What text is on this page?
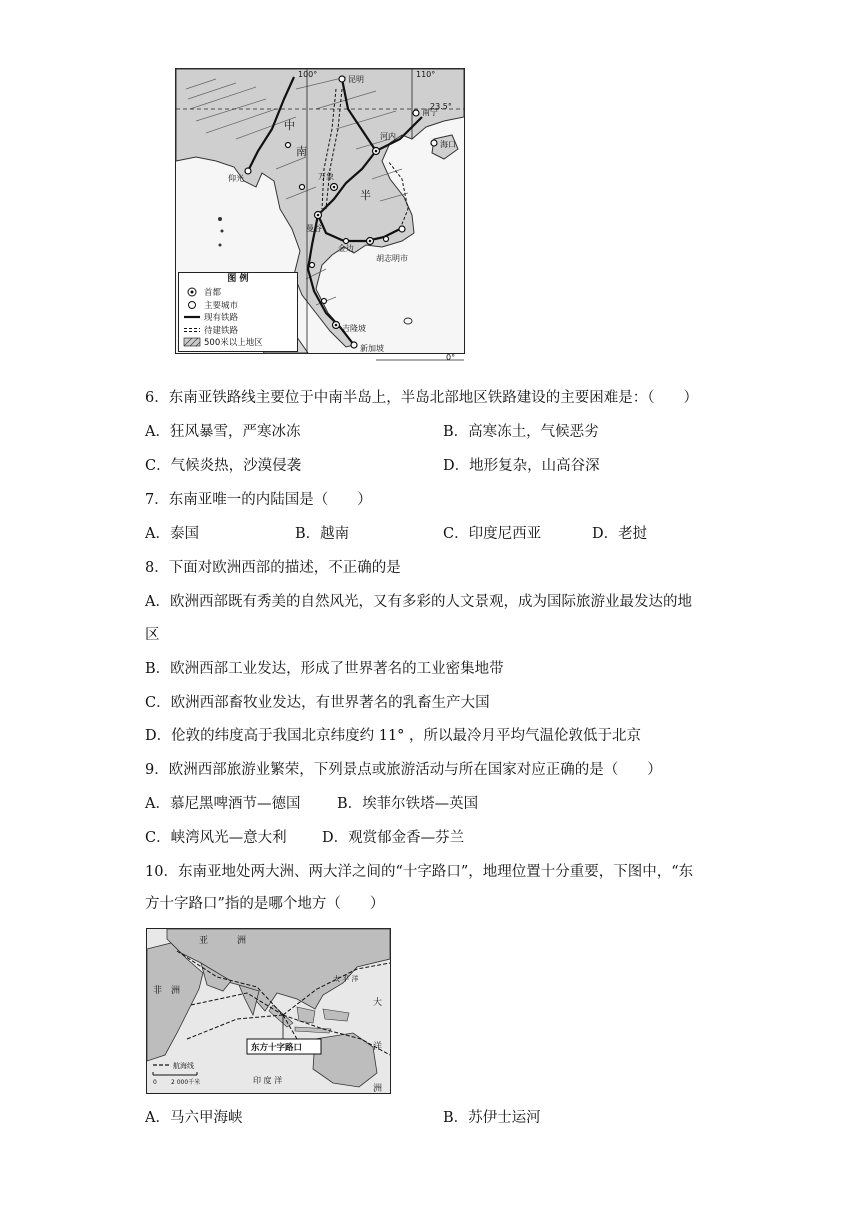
100°	110°
23.5°
0°
昆明
南宁
河内
海口
仰光	万象
曼谷
金边
胡志明市
吉隆坡
新加坡
中
南
半
图 例
首都
主要城市
现有铁路
待建铁路
500米以上地区
6．东南亚铁路线主要位于中南半岛上，半岛北部地区铁路建设的主要困难是：（　　）
A．狂风暴雪，严寒冰冻	B．高寒冻土，气候恶劣
C．气候炎热，沙漠侵袭	D．地形复杂，山高谷深
7．东南亚唯一的内陆国是（　　）
A．泰国	B．越南	C．印度尼西亚	D．老挝
8．下面对欧洲西部的描述，不正确的是
A．欧洲西部既有秀美的自然风光，又有多彩的人文景观，成为国际旅游业最发达的地
区
B．欧洲西部工业发达，形成了世界著名的工业密集地带
C．欧洲西部畜牧业发达，有世界著名的乳畜生产大国
D．伦敦的纬度高于我国北京纬度约 11° ，所以最冷月平均气温伦敦低于北京
9．欧洲西部旅游业繁荣，下列景点或旅游活动与所在国家对应正确的是（　　）
A．慕尼黑啤酒节—德国	B．埃菲尔铁塔—英国
C．峡湾风光—意大利 D．观赏郁金香—芬兰
10．东南亚地处两大洲、两大洋之间的“十字路口”，地理位置十分重要，下图中，“东
方十字路口”指的是哪个地方（　　）
东方十字路口
航海线
0 2 000千米
亚	洲
非　洲
太 平 洋
大
洋
洲
印 度 洋
A．马六甲海峡	B．苏伊士运河
